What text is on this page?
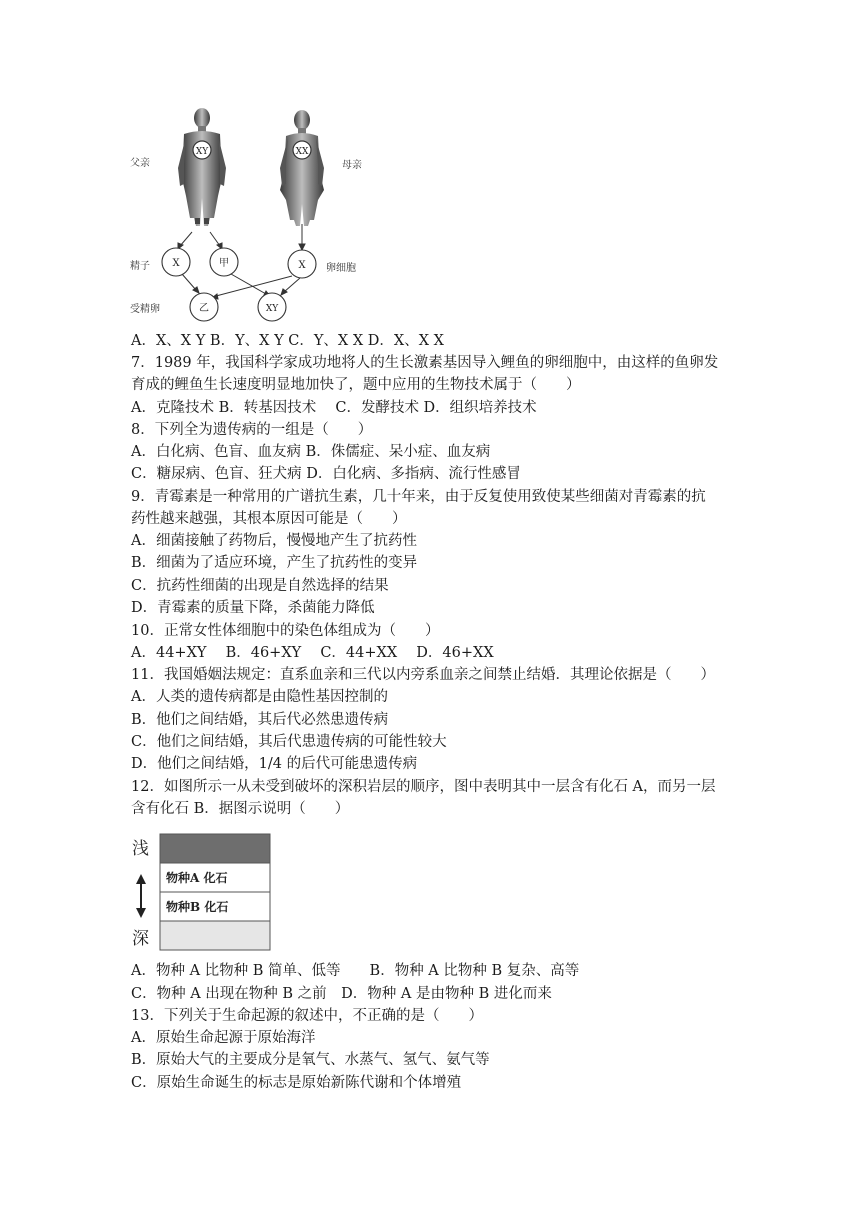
XY
父亲
XX
母亲
X	甲	X
精子	卵细胞
乙	XY
受精卵

A．X、X Y B．Y、X Y C．Y、X X D．X、X X

7．1989 年，我国科学家成功地将人的生长激素基因导入鲤鱼的卵细胞中，由这样的鱼卵发

育成的鲤鱼生长速度明显地加快了，题中应用的生物技术属于（　　）

A．克隆技术 B．转基因技术　 C．发酵技术 D．组织培养技术

8．下列全为遗传病的一组是（　　）

A．白化病、色盲、血友病 B．侏儒症、呆小症、血友病

C．糖尿病、色盲、狂犬病 D．白化病、多指病、流行性感冒

9．青霉素是一种常用的广谱抗生素，几十年来，由于反复使用致使某些细菌对青霉素的抗

药性越来越强，其根本原因可能是（　　）

A．细菌接触了药物后，慢慢地产生了抗药性

B．细菌为了适应环境，产生了抗药性的变异

C．抗药性细菌的出现是自然选择的结果

D．青霉素的质量下降，杀菌能力降低

10．正常女性体细胞中的染色体组成为（　　）

A．44+XY　 B．46+XY　 C．44+XX　 D．46+XX

11．我国婚姻法规定：直系血亲和三代以内旁系血亲之间禁止结婚．其理论依据是（　　）

A．人类的遗传病都是由隐性基因控制的

B．他们之间结婚，其后代必然患遗传病

C．他们之间结婚，其后代患遗传病的可能性较大

D．他们之间结婚，1/4 的后代可能患遗传病

12．如图所示一从未受到破坏的深积岩层的顺序，图中表明其中一层含有化石 A，而另一层

含有化石 B．据图示说明（　　）

浅
深
物种A 化石
物种B 化石

A．物种 A 比物种 B 简单、低等　　B．物种 A 比物种 B 复杂、高等

C．物种 A 出现在物种 B 之前　D．物种 A 是由物种 B 进化而来

13．下列关于生命起源的叙述中，不正确的是（　　）

A．原始生命起源于原始海洋

B．原始大气的主要成分是氧气、水蒸气、氢气、氨气等

C．原始生命诞生的标志是原始新陈代谢和个体增殖
